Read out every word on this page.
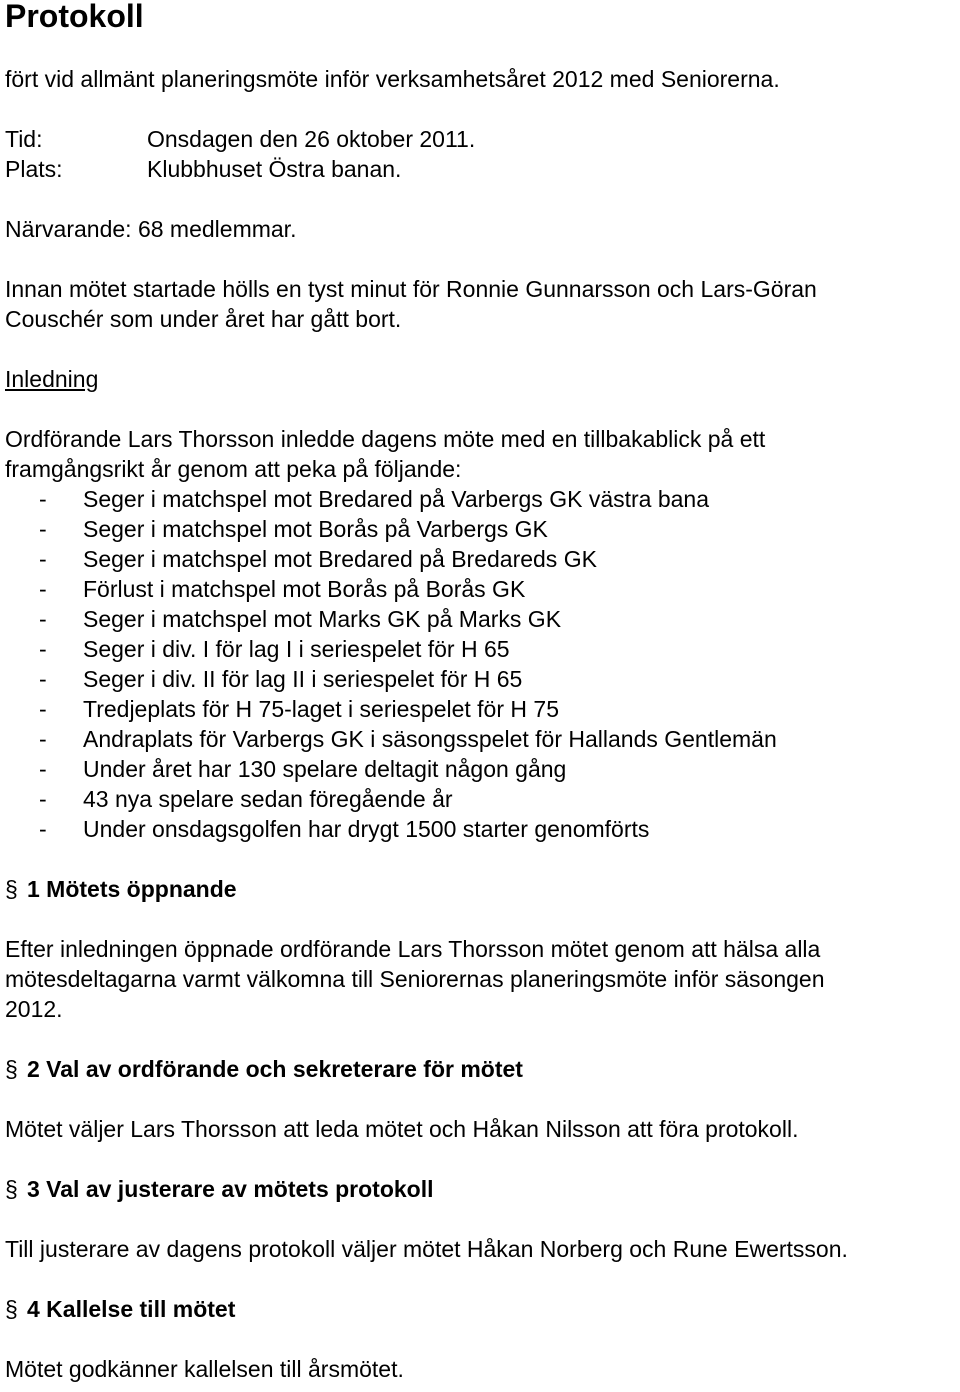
Protokoll

fört vid allmänt planeringsmöte inför verksamhetsåret 2012 med Seniorerna.

Tid:	Onsdagen den 26 oktober 2011.
Plats:	Klubbhuset Östra banan.

Närvarande: 68 medlemmar.

Innan mötet startade hölls en tyst minut för Ronnie Gunnarsson och Lars-Göran

Couschér som under året har gått bort.

Inledning

Ordförande Lars Thorsson inledde dagens möte med en tillbakablick på ett

framgångsrikt år genom att peka på följande:

-	Seger i matchspel mot Bredared på Varbergs GK västra bana
-	Seger i matchspel mot Borås på Varbergs GK
-	Seger i matchspel mot Bredared på Bredareds GK
-	Förlust i matchspel mot Borås på Borås GK
-	Seger i matchspel mot Marks GK på Marks GK
-	Seger i div. I för lag I i seriespelet för H 65
-	Seger i div. II för lag II i seriespelet för H 65
-	Tredjeplats för H 75-laget i seriespelet för H 75
-	Andraplats för Varbergs GK i säsongsspelet för Hallands Gentlemän
-	Under året har 130 spelare deltagit någon gång
-	43 nya spelare sedan föregående år
-	Under onsdagsgolfen har drygt 1500 starter genomförts
§ 1 Mötets öppnande

Efter inledningen öppnade ordförande Lars Thorsson mötet genom att hälsa alla

mötesdeltagarna varmt välkomna till Seniorernas planeringsmöte inför säsongen

2012.

§ 2 Val av ordförande och sekreterare för mötet

Mötet väljer Lars Thorsson att leda mötet och Håkan Nilsson att föra protokoll.

§ 3 Val av justerare av mötets protokoll

Till justerare av dagens protokoll väljer mötet Håkan Norberg och Rune Ewertsson.

§ 4 Kallelse till mötet

Mötet godkänner kallelsen till årsmötet.
